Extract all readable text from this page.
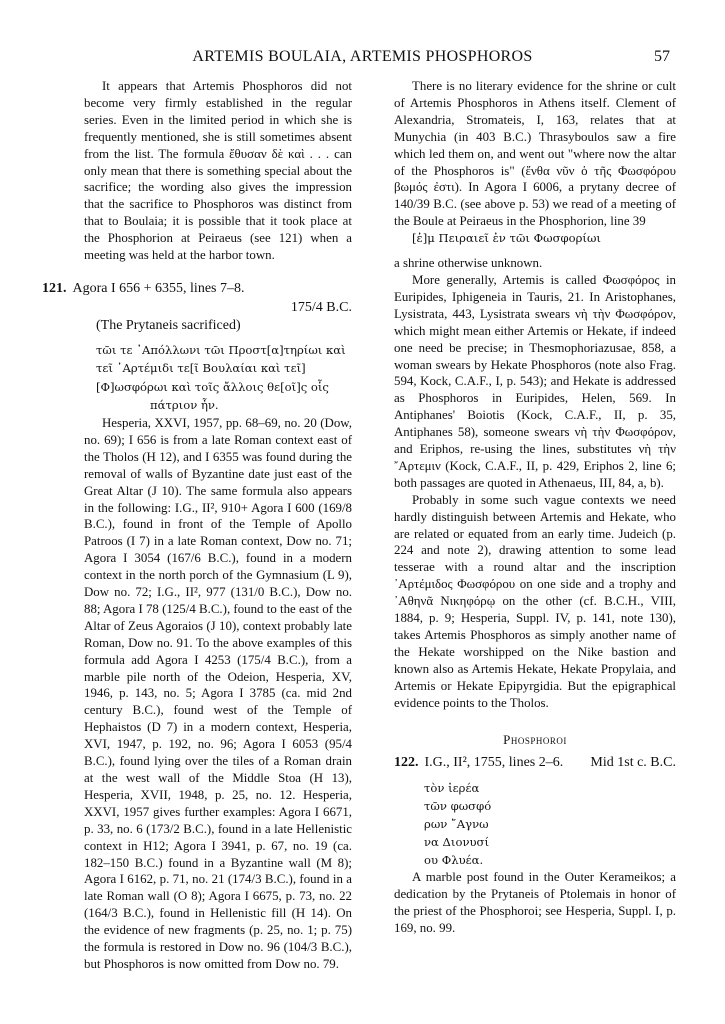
ARTEMIS BOULAIA, ARTEMIS PHOSPHOROS	57

It appears that Artemis Phosphoros did not become very firmly established in the regular series. Even in the limited period in which she is frequently mentioned, she is still sometimes absent from the list. The formula ἔθυσαν δὲ καὶ . . . can only mean that there is something special about the sacrifice; the wording also gives the impression that the sacrifice to Phosphoros was distinct from that to Boulaia; it is possible that it took place at the Phosphorion at Peiraeus (see 121) when a meeting was held at the harbor town.

121. Agora I 656 + 6355, lines 7–8.
175/4 B.C.
(The Prytaneis sacrificed)
τῶι τε ᾿Απόλλωνι τῶι Προστ[α]τηρίωι καὶ τεῖ ᾿Αρτέμιδι τε[ῖ Βουλαίαι καὶ τεῖ]
[Φ]ωσφόρωι καὶ τοῖς ἄλλοις θε[οῖ]ς οἷς
πάτριον ἦν.

Hesperia, XXVI, 1957, pp. 68–69, no. 20 (Dow, no. 69); I 656 is from a late Roman context east of the Tholos (H 12), and I 6355 was found during the removal of walls of Byzantine date just east of the Great Altar (J 10). The same formula also appears in the following: I.G., II², 910+ Agora I 600 (169/8 B.C.), found in front of the Temple of Apollo Patroos (I 7) in a late Roman context, Dow no. 71; Agora I 3054 (167/6 B.C.), found in a modern context in the north porch of the Gymnasium (L 9), Dow no. 72; I.G., II², 977 (131/0 B.C.), Dow no. 88; Agora I 78 (125/4 B.C.), found to the east of the Altar of Zeus Agoraios (J 10), context probably late Roman, Dow no. 91. To the above examples of this formula add Agora I 4253 (175/4 B.C.), from a marble pile north of the Odeion, Hesperia, XV, 1946, p. 143, no. 5; Agora I 3785 (ca. mid 2nd century B.C.), found west of the Temple of Hephaistos (D 7) in a modern context, Hesperia, XVI, 1947, p. 192, no. 96; Agora I 6053 (95/4 B.C.), found lying over the tiles of a Roman drain at the west wall of the Middle Stoa (H 13), Hesperia, XVII, 1948, p. 25, no. 12. Hesperia, XXVI, 1957 gives further examples: Agora I 6671, p. 33, no. 6 (173/2 B.C.), found in a late Hellenistic context in H12; Agora I 3941, p. 67, no. 19 (ca. 182–150 B.C.) found in a Byzantine wall (M 8); Agora I 6162, p. 71, no. 21 (174/3 B.C.), found in a late Roman wall (O 8); Agora I 6675, p. 73, no. 22 (164/3 B.C.), found in Hellenistic fill (H 14). On the evidence of new fragments (p. 25, no. 1; p. 75) the formula is restored in Dow no. 96 (104/3 B.C.), but Phosphoros is now omitted from Dow no. 79.

There is no literary evidence for the shrine or cult of Artemis Phosphoros in Athens itself. Clement of Alexandria, Stromateis, I, 163, relates that at Munychia (in 403 B.C.) Thrasyboulos saw a fire which led them on, and went out "where now the altar of the Phosphoros is" (ἔνθα νῦν ὁ τῆς Φωσφόρου βωμός ἐστι). In Agora I 6006, a prytany decree of 140/39 B.C. (see above p. 53) we read of a meeting of the Boule at Peiraeus in the Phosphorion, line 39

[ἐ]μ Πειραιεῖ ἐν τῶι Φωσφορίωι

a shrine otherwise unknown.

More generally, Artemis is called Φωσφόρος in Euripides, Iphigeneia in Tauris, 21. In Aristophanes, Lysistrata, 443, Lysistrata swears νὴ τὴν Φωσφόρον, which might mean either Artemis or Hekate, if indeed one need be precise; in Thesmophoriazusae, 858, a woman swears by Hekate Phosphoros (note also Frag. 594, Kock, C.A.F., I, p. 543); and Hekate is addressed as Phosphoros in Euripides, Helen, 569. In Antiphanes' Boiotis (Kock, C.A.F., II, p. 35, Antiphanes 58), someone swears νὴ τὴν Φωσφόρον, and Eriphos, re-using the lines, substitutes νὴ τὴν ῎Αρτεμιν (Kock, C.A.F., II, p. 429, Eriphos 2, line 6; both passages are quoted in Athenaeus, III, 84, a, b).

Probably in some such vague contexts we need hardly distinguish between Artemis and Hekate, who are related or equated from an early time. Judeich (p. 224 and note 2), drawing attention to some lead tesserae with a round altar and the inscription ᾿Αρτέμιδος Φωσφόρου on one side and a trophy and ᾿Αθηνᾶ Νικηφόρῳ on the other (cf. B.C.H., VIII, 1884, p. 9; Hesperia, Suppl. IV, p. 141, note 130), takes Artemis Phosphoros as simply another name of the Hekate worshipped on the Nike bastion and known also as Artemis Hekate, Hekate Propylaia, and Artemis or Hekate Epipyrgidia. But the epigraphical evidence points to the Tholos.

Phosphoroi
122. I.G., II², 1755, lines 2–6. Mid 1st c. B.C.
τὸν ἱερέα
τῶν φωσφό
ρων ῎Αγνω
να Διονυσί
ου Φλυέα.

A marble post found in the Outer Kerameikos; a dedication by the Prytaneis of Ptolemais in honor of the priest of the Phosphoroi; see Hesperia, Suppl. I, p. 169, no. 99.
